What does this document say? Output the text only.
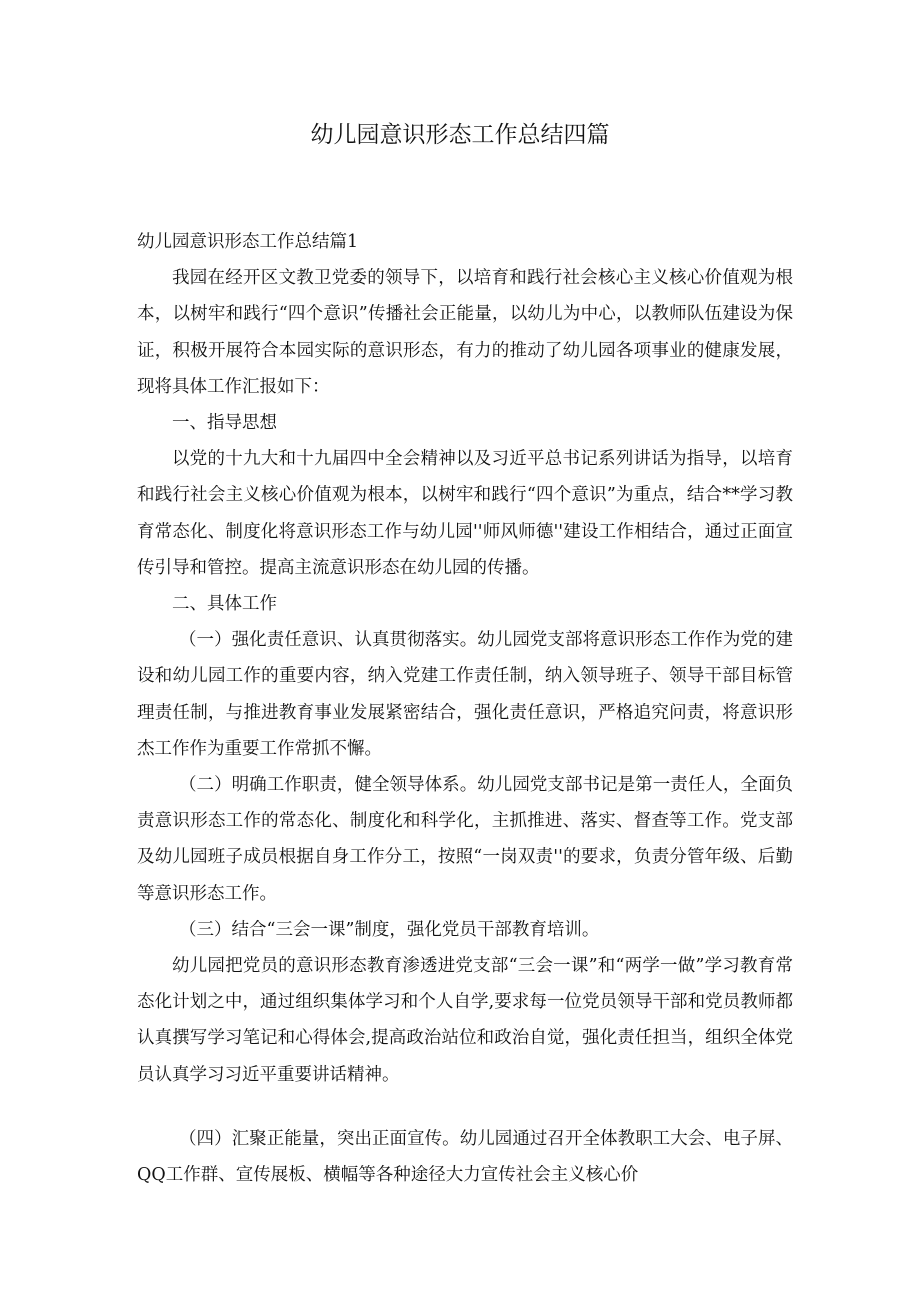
幼儿园意识形态工作总结四篇

幼儿园意识形态工作总结篇1

我园在经开区文教卫党委的领导下，以培育和践行社会核心主义核心价值观为根本，以树牢和践行“四个意识”传播社会正能量，以幼儿为中心，以教师队伍建设为保证，积极开展符合本园实际的意识形态，有力的推动了幼儿园各项事业的健康发展，现将具体工作汇报如下：

一、指导思想

以党的十九大和十九届四中全会精神以及习近平总书记系列讲话为指导，以培育和践行社会主义核心价值观为根本，以树牢和践行“四个意识”为重点，结合**学习教育常态化、制度化将意识形态工作与幼儿园''师风师德''建设工作相结合，通过正面宣传引导和管控。提高主流意识形态在幼儿园的传播。

二、具体工作

（一）强化责任意识、认真贯彻落实。幼儿园党支部将意识形态工作作为党的建设和幼儿园工作的重要内容，纳入党建工作责任制，纳入领导班子、领导干部目标管理责任制，与推进教育事业发展紧密结合，强化责任意识，严格追究问责，将意识形杰工作作为重要工作常抓不懈。

（二）明确工作职责，健全领导体系。幼儿园党支部书记是第一责任人，全面负责意识形态工作的常态化、制度化和科学化，主抓推进、落实、督查等工作。党支部及幼儿园班子成员根据自身工作分工，按照“一岗双责''的要求，负责分管年级、后勤等意识形态工作。

（三）结合“三会一课”制度，强化党员干部教育培训。

幼儿园把党员的意识形态教育渗透进党支部“三会一课”和“两学一做”学习教育常态化计划之中，通过组织集体学习和个人自学,要求每一位党员领导干部和党员教师都认真撰写学习笔记和心得体会,提高政治站位和政治自觉，强化责任担当，组织全体党员认真学习习近平重要讲话精神。

（四）汇聚正能量，突出正面宣传。幼儿园通过召开全体教职工大会、电子屏、QQ工作群、宣传展板、横幅等各种途径大力宣传社会主义核心价
